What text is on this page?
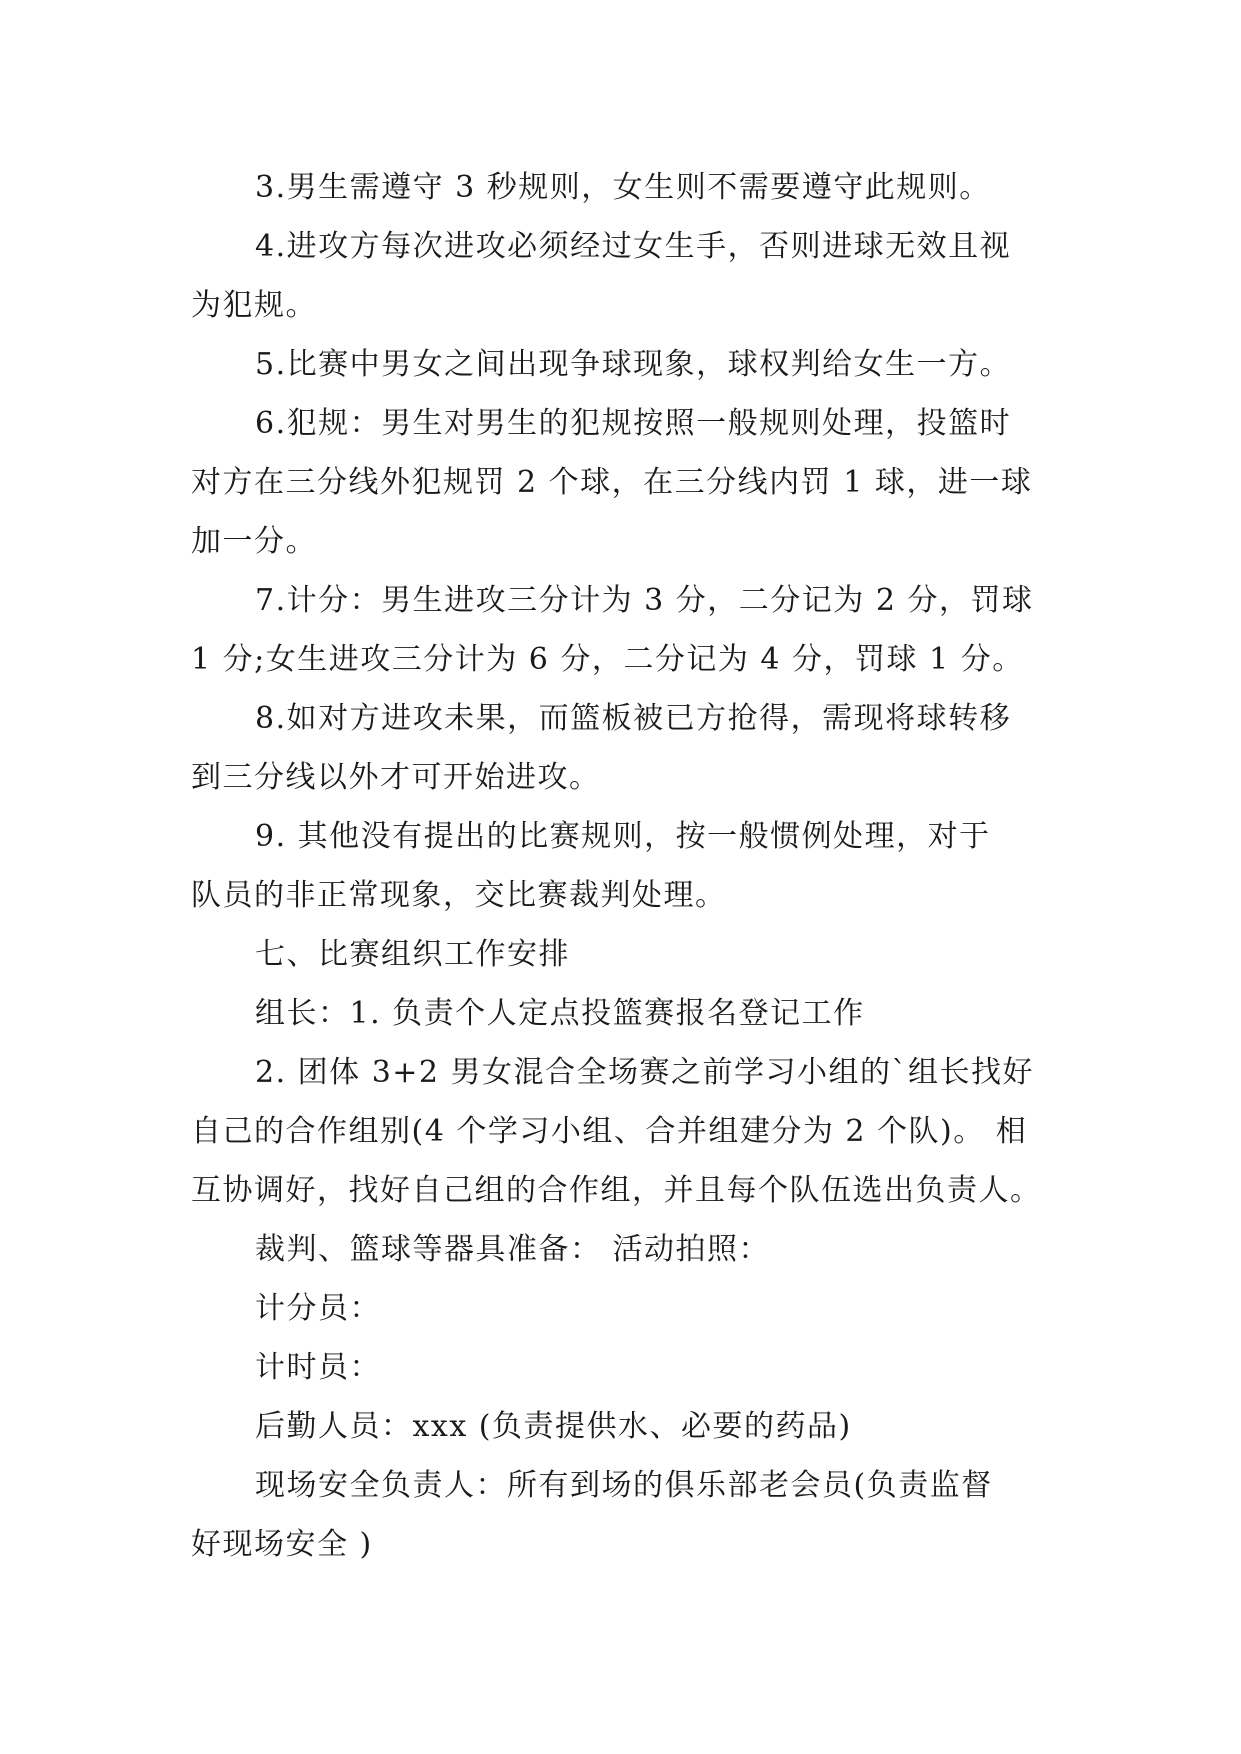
3.男生需遵守 3 秒规则，女生则不需要遵守此规则。
4.进攻方每次进攻必须经过女生手，否则进球无效且视
为犯规。
5.比赛中男女之间出现争球现象，球权判给女生一方。
6.犯规：男生对男生的犯规按照一般规则处理，投篮时
对方在三分线外犯规罚 2 个球，在三分线内罚 1 球，进一球
加一分。
7.计分：男生进攻三分计为 3 分，二分记为 2 分，罚球
1 分;女生进攻三分计为 6 分，二分记为 4 分，罚球 1 分。
8.如对方进攻未果，而篮板被已方抢得，需现将球转移
到三分线以外才可开始进攻。
9. 其他没有提出的比赛规则，按一般惯例处理，对于
队员的非正常现象，交比赛裁判处理。
七、比赛组织工作安排
组长：1. 负责个人定点投篮赛报名登记工作
2. 团体 3+2 男女混合全场赛之前学习小组的`组长找好
自己的合作组别(4 个学习小组、合并组建分为 2 个队)。 相
互协调好，找好自己组的合作组，并且每个队伍选出负责人。
裁判、篮球等器具准备： 活动拍照：
计分员：
计时员：
后勤人员：xxx (负责提供水、必要的药品)
现场安全负责人：所有到场的俱乐部老会员(负责监督
好现场安全 )
